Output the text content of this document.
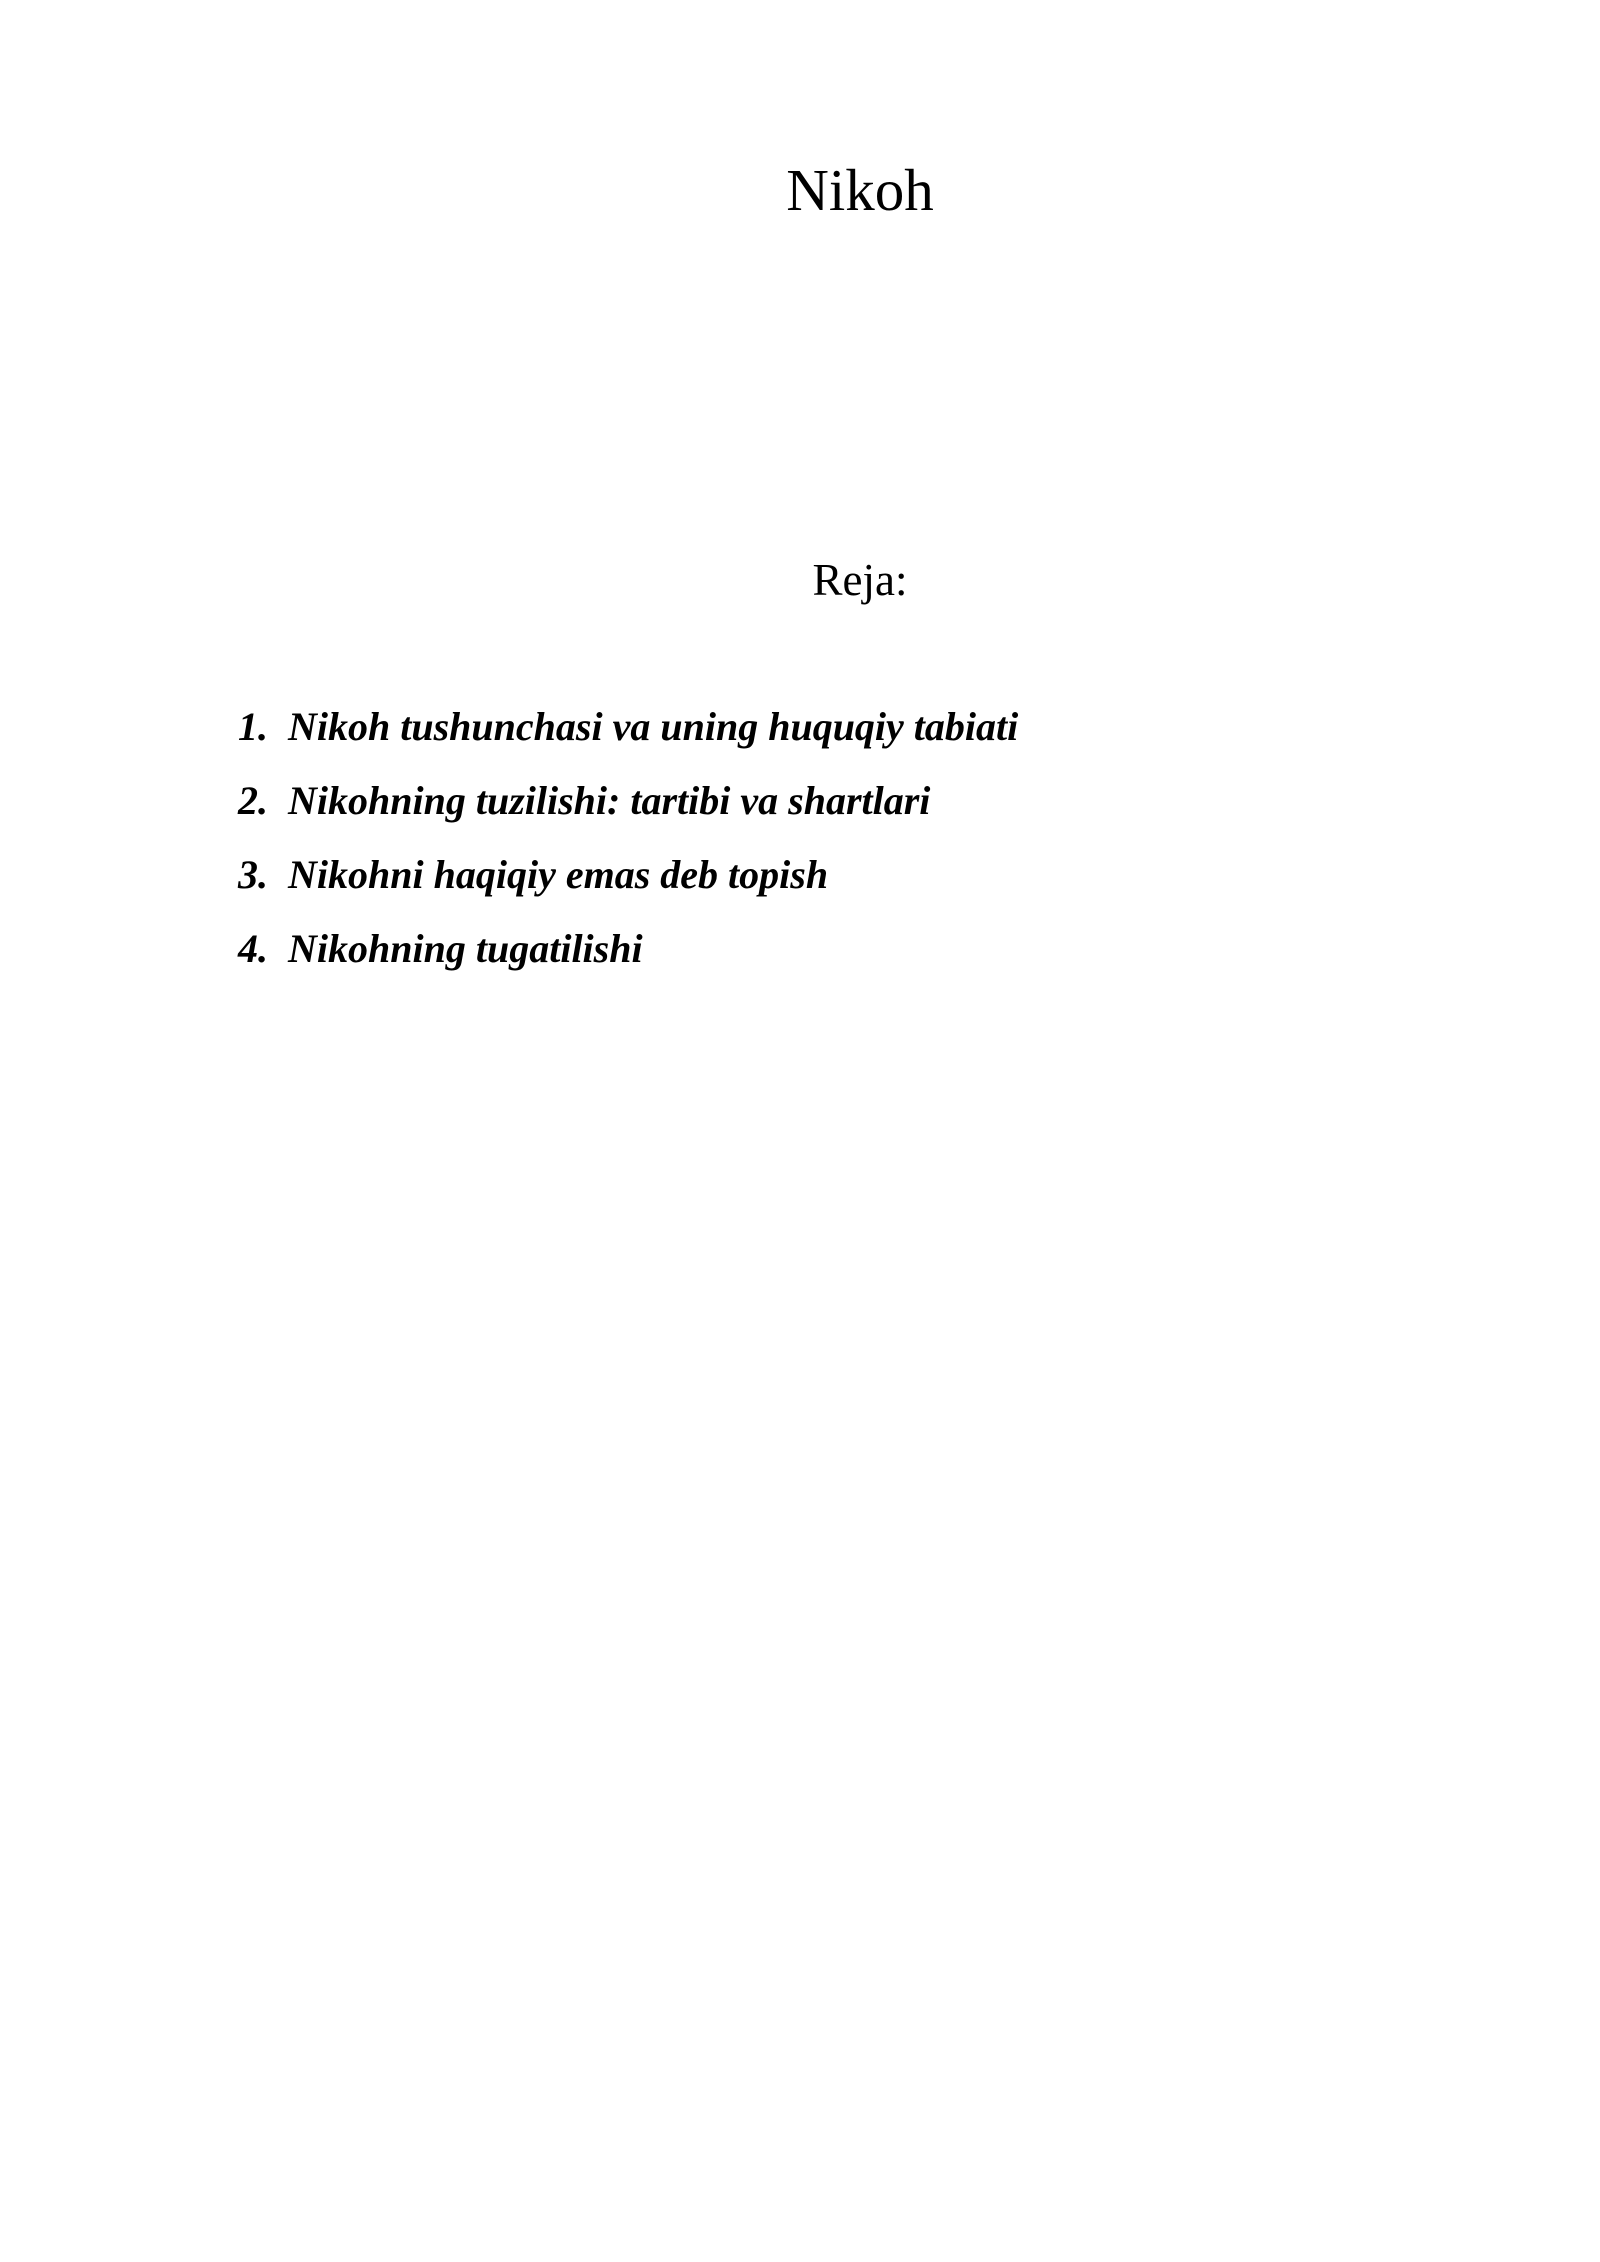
Nikoh
Reja:
1. Nikoh tushunchasi va uning huquqiy tabiati
2. Nikohning tuzilishi: tartibi va shartlari
3. Nikohni haqiqiy emas deb topish
4. Nikohning tugatilishi
